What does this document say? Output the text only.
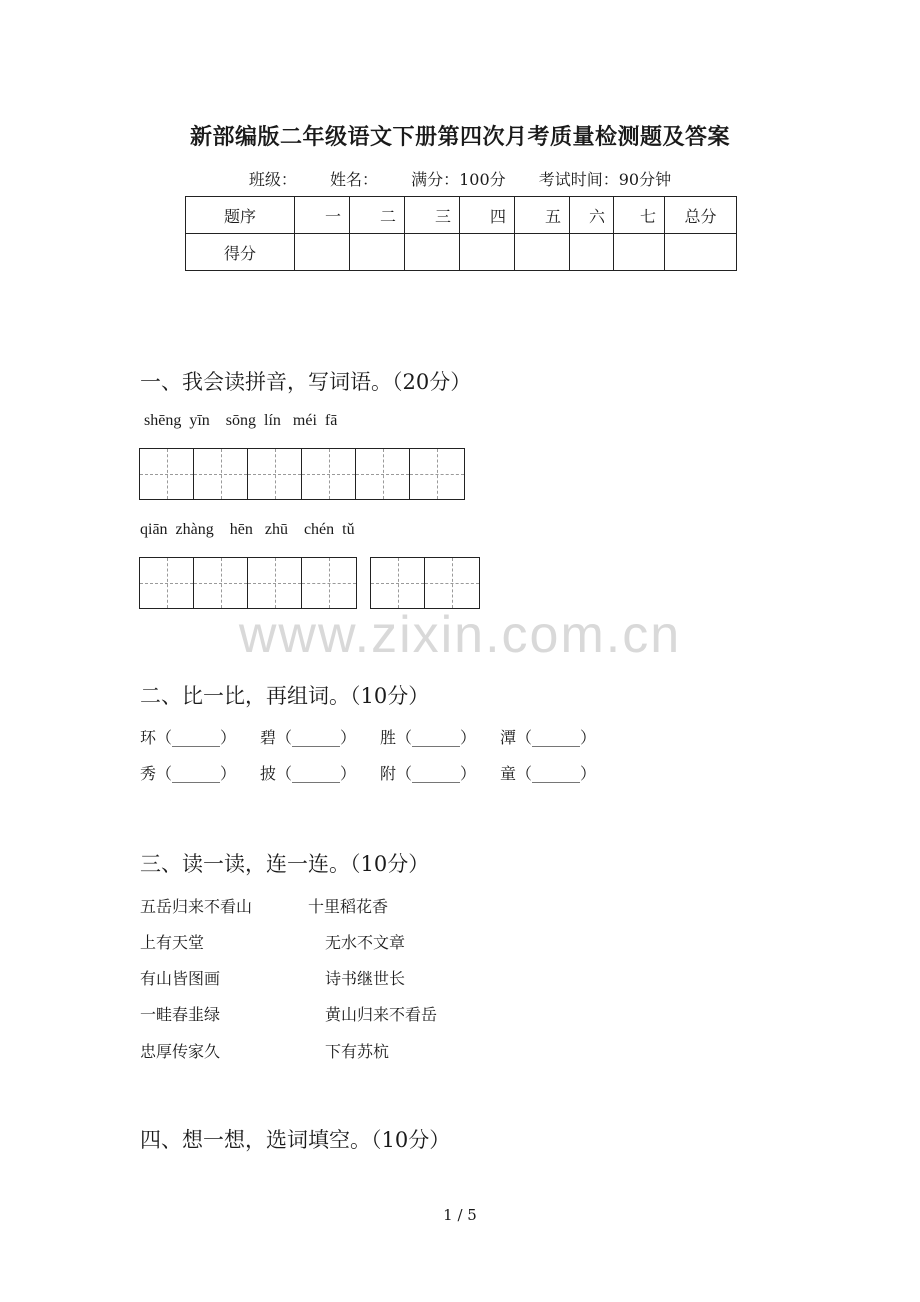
新部编版二年级语文下册第四次月考质量检测题及答案
班级： 姓名： 满分：100分 考试时间：90分钟
题序	一	二	三	四	五	六	七	总分
得分								
一、我会读拼音，写词语。（20分）
shēng  yīn    sōng  lín   méi  fā
qiān  zhàng    hēn   zhū    chén  tǔ
www.zixin.com.cn
二、比一比，再组词。（10分）
环（______） 碧（______） 胜（______） 潭（______）
秀（______） 披（______） 附（______） 童（______）
三、读一读，连一连。（10分）
五岳归来不看山	十里稻花香
上有天堂	无水不文章
有山皆图画	诗书继世长
一畦春韭绿	黄山归来不看岳
忠厚传家久	下有苏杭
四、想一想，选词填空。（10分）
1 / 5
